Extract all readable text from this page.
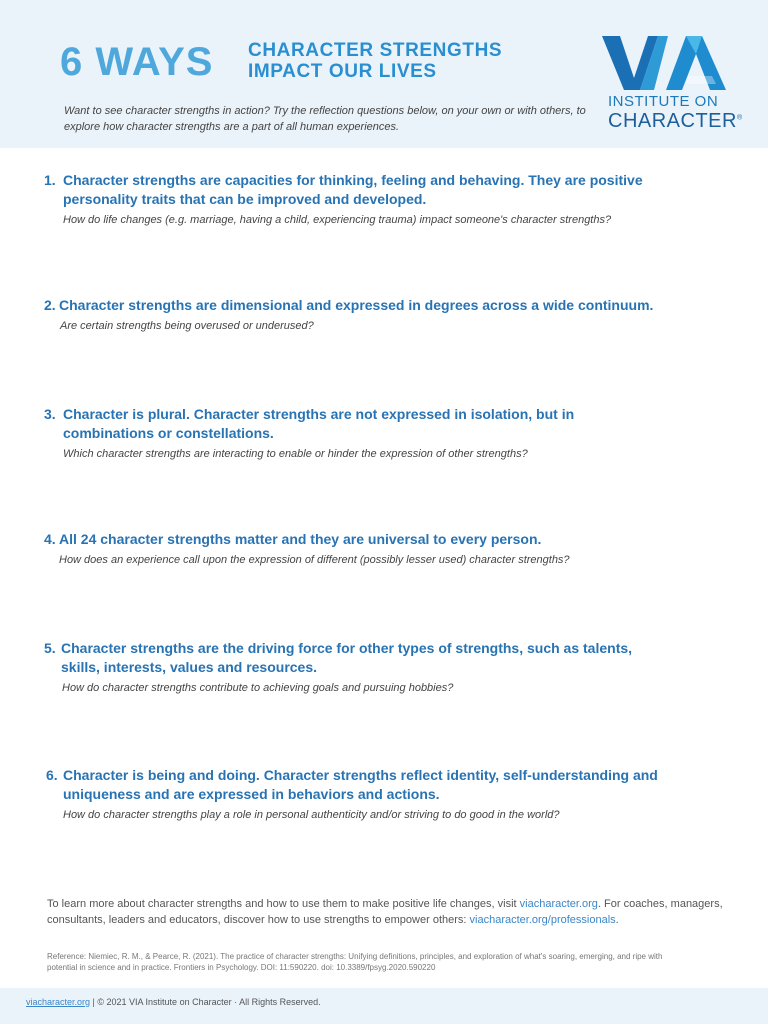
6 WAYS CHARACTER STRENGTHS
IMPACT OUR LIVES
Want to see character strengths in action? Try the reflection questions below, on your own or with others, to explore how character strengths are a part of all human experiences.
INSTITUTE ON
CHARACTER®
1. Character strengths are capacities for thinking, feeling and behaving. They are positive personality traits that can be improved and developed.
How do life changes (e.g. marriage, having a child, experiencing trauma) impact someone's character strengths?
2. Character strengths are dimensional and expressed in degrees across a wide continuum.
Are certain strengths being overused or underused?
3. Character is plural. Character strengths are not expressed in isolation, but in combinations or constellations.
Which character strengths are interacting to enable or hinder the expression of other strengths?
4. All 24 character strengths matter and they are universal to every person.
How does an experience call upon the expression of different (possibly lesser used) character strengths?
5. Character strengths are the driving force for other types of strengths, such as talents, skills, interests, values and resources.
How do character strengths contribute to achieving goals and pursuing hobbies?
6. Character is being and doing. Character strengths reflect identity, self-understanding and uniqueness and are expressed in behaviors and actions.
How do character strengths play a role in personal authenticity and/or striving to do good in the world?
To learn more about character strengths and how to use them to make positive life changes, visit viacharacter.org. For coaches, managers, consultants, leaders and educators, discover how to use strengths to empower others: viacharacter.org/professionals.
Reference: Niemiec, R. M., & Pearce, R. (2021). The practice of character strengths: Unifying definitions, principles, and exploration of what's soaring, emerging, and ripe with potential in science and in practice. Frontiers in Psychology. DOI: 11:590220. doi: 10.3389/fpsyg.2020.590220
viacharacter.org | © 2021 VIA Institute on Character · All Rights Reserved.
